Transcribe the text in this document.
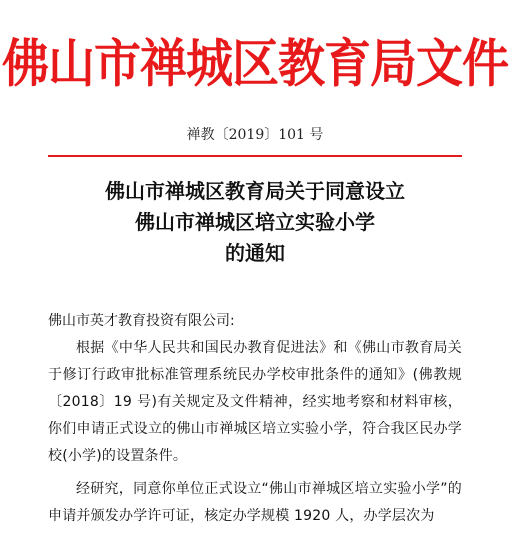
佛山市禅城区教育局文件
禅教〔2019〕101 号
佛山市禅城区教育局关于同意设立
佛山市禅城区培立实验小学
的通知
佛山市英才教育投资有限公司:

根据《中华人民共和国民办教育促进法》和《佛山市教育局关于修订行政审批标准管理系统民办学校审批条件的通知》(佛教规〔2018〕19 号)有关规定及文件精神，经实地考察和材料审核，你们申请正式设立的佛山市禅城区培立实验小学，符合我区民办学校(小学)的设置条件。

经研究，同意你单位正式设立“佛山市禅城区培立实验小学”的申请并颁发办学许可证，核定办学规模 1920 人，办学层次为
